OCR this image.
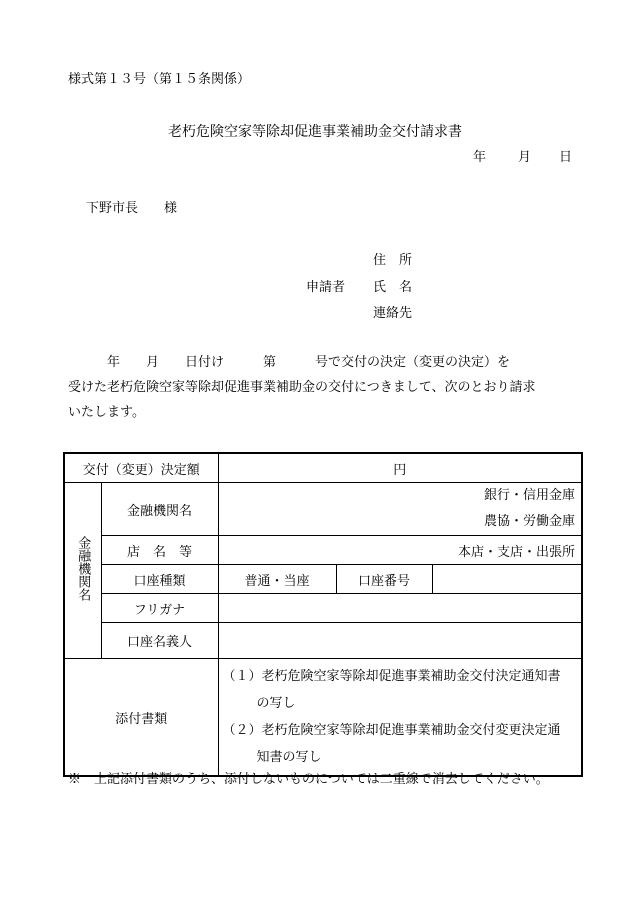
様式第１３号（第１５条関係）
老朽危険空家等除却促進事業補助金交付請求書
年 月 日
下野市長　　様
住　所
申請者 氏　名
連絡先
　　　年　　月　　日付け　　　第　　　号で交付の決定（変更の決定）を
受けた老朽危険空家等除却促進事業補助金の交付につきまして、次のとおり請求
いたします。
交付（変更）決定額		円		
金融機関名	金融機関名	銀行・信用金庫
農協・労働金庫		

	店　名　等	本店・支店・出張所		
	口座種類	普通・当座	口座番号	
	フリガナ			
	口座名義人			
添付書類		（１）老朽危険空家等除却促進事業補助金交付決定通知書
の写し
（２）老朽危険空家等除却促進事業補助金交付変更決定通
知書の写し		
※　上記添付書類のうち、添付しないものについては二重線で消去してください。
